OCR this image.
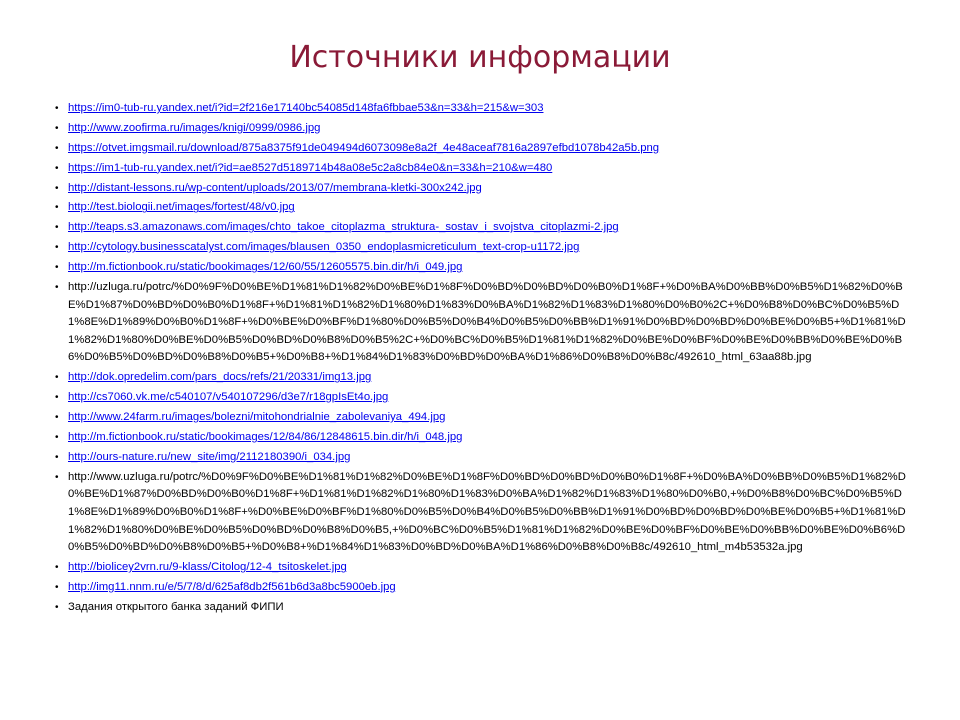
Источники информации
• https://im0-tub-ru.yandex.net/i?id=2f216e17140bc54085d148fa6fbbae53&n=33&h=215&w=303
• http://www.zoofirma.ru/images/knigi/0999/0986.jpg
• https://otvet.imgsmail.ru/download/875a8375f91de049494d6073098e8a2f_4e48aceaf7816a2897efbd1078b42a5b.png
• https://im1-tub-ru.yandex.net/i?id=ae8527d5189714b48a08e5c2a8cb84e0&n=33&h=210&w=480
• http://distant-lessons.ru/wp-content/uploads/2013/07/membrana-kletki-300x242.jpg
• http://test.biologii.net/images/fortest/48/v0.jpg
• http://teaps.s3.amazonaws.com/images/chto_takoe_citoplazma_struktura-_sostav_i_svojstva_citoplazmi-2.jpg
• http://cytology.businesscatalyst.com/images/blausen_0350_endoplasmicreticulum_text-crop-u1172.jpg
• http://m.fictionbook.ru/static/bookimages/12/60/55/12605575.bin.dir/h/i_049.jpg
• http://uzluga.ru/potrc/%D0%9F%D0%BE%D1%81%D1%82%D0%BE%D1%8F%D0%BD%D0%BD%D0%B0%D1%8F+%D0%BA%D0%BB%D0%B5%D1%82%D0%BE%D1%87%D0%BD%D0%B0%D1%8F+%D1%81%D1%82%D1%80%D1%83%D0%BA%D1%82%D1%83%D1%80%D0%B0%2C+%D0%B8%D0%BC%D0%B5%D1%8E%D1%89%D0%B0%D1%8F+%D0%BE%D0%BF%D1%80%D0%B5%D0%B4%D0%B5%D0%BB%D1%91%D0%BD%D0%BD%D0%BE%D0%B5+%D1%81%D1%82%D1%80%D0%BE%D0%B5%D0%BD%D0%B8%D0%B5%2C+%D0%BC%D0%B5%D1%81%D1%82%D0%BE%D0%BF%D0%BE%D0%BB%D0%BE%D0%B6%D0%B5%D0%BD%D0%B8%D0%B5+%D0%B8+%D1%84%D1%83%D0%BD%D0%BA%D1%86%D0%B8%D0%B8c/492610_html_63aa88b.jpg
• http://dok.opredelim.com/pars_docs/refs/21/20331/img13.jpg
• http://cs7060.vk.me/c540107/v540107296/d3e7/r18gpIsEt4o.jpg
• http://www.24farm.ru/images/bolezni/mitohondrialnie_zabolevaniya_494.jpg
• http://m.fictionbook.ru/static/bookimages/12/84/86/12848615.bin.dir/h/i_048.jpg
• http://ours-nature.ru/new_site/img/2112180390/i_034.jpg
• http://www.uzluga.ru/potrc/%D0%9F%D0%BE%D1%81%D1%82%D0%BE%D1%8F%D0%BD%D0%BD%D0%B0%D1%8F+%D0%BA%D0%BB%D0%B5%D1%82%D0%BE%D1%87%D0%BD%D0%B0%D1%8F+%D1%81%D1%82%D1%80%D1%83%D0%BA%D1%82%D1%83%D1%80%D0%B0,+%D0%B8%D0%BC%D0%B5%D1%8E%D1%89%D0%B0%D1%8F+%D0%BE%D0%BF%D1%80%D0%B5%D0%B4%D0%B5%D0%BB%D1%91%D0%BD%D0%BD%D0%BE%D0%B5+%D1%81%D1%82%D1%80%D0%BE%D0%B5%D0%BD%D0%B8%D0%B5,+%D0%BC%D0%B5%D1%81%D1%82%D0%BE%D0%BF%D0%BE%D0%BB%D0%BE%D0%B6%D0%B5%D0%BD%D0%B8%D0%B5+%D0%B8+%D1%84%D1%83%D0%BD%D0%BA%D1%86%D0%B8%D0%B8c/492610_html_m4b53532a.jpg
• http://biolicey2vrn.ru/9-klass/Citolog/12-4_tsitoskelet.jpg
• http://img11.nnm.ru/e/5/7/8/d/625af8db2f561b6d3a8bc5900eb.jpg
• Задания открытого банка заданий ФИПИ
